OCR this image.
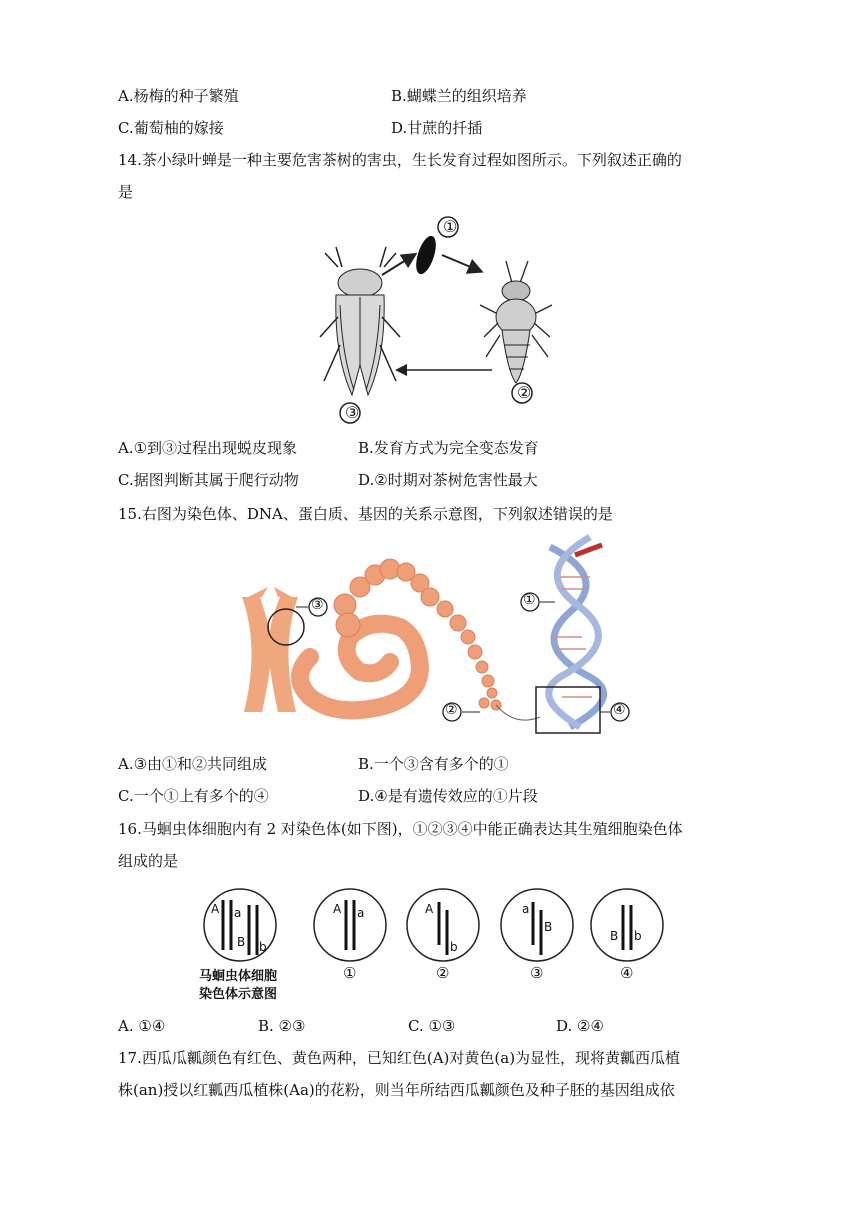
A.杨梅的种子繁殖	B.蝴蝶兰的组织培养
C.葡萄柚的嫁接	D.甘蔗的扦插
14.茶小绿叶蝉是一种主要危害茶树的害虫，生长发育过程如图所示。下列叙述正确的
是
①
②
③
A.①到③过程出现蜕皮现象	B.发育方式为完全变态发育
C.据图判断其属于爬行动物	D.②时期对茶树危害性最大
15.右图为染色体、DNA、蛋白质、基因的关系示意图，下列叙述错误的是
③	①
②	④
A.③由①和②共同组成	B.一个③含有多个的①
C.一个①上有多个的④	D.④是有遗传效应的①片段
16.马蛔虫体细胞内有 2 对染色体(如下图)，①②③④中能正确表达其生殖细胞染色体
组成的是
A a
B b
A a	A
b
a
B
B b
马蛔虫体细胞
染色体示意图
①	②	③	④
A. ①④	B. ②③	C. ①③	D. ②④
17.西瓜瓜瓤颜色有红色、黄色两种，已知红色(A)对黄色(a)为显性，现将黄瓤西瓜植
株(an)授以红瓤西瓜植株(Aa)的花粉，则当年所结西瓜瓤颜色及种子胚的基因组成依
